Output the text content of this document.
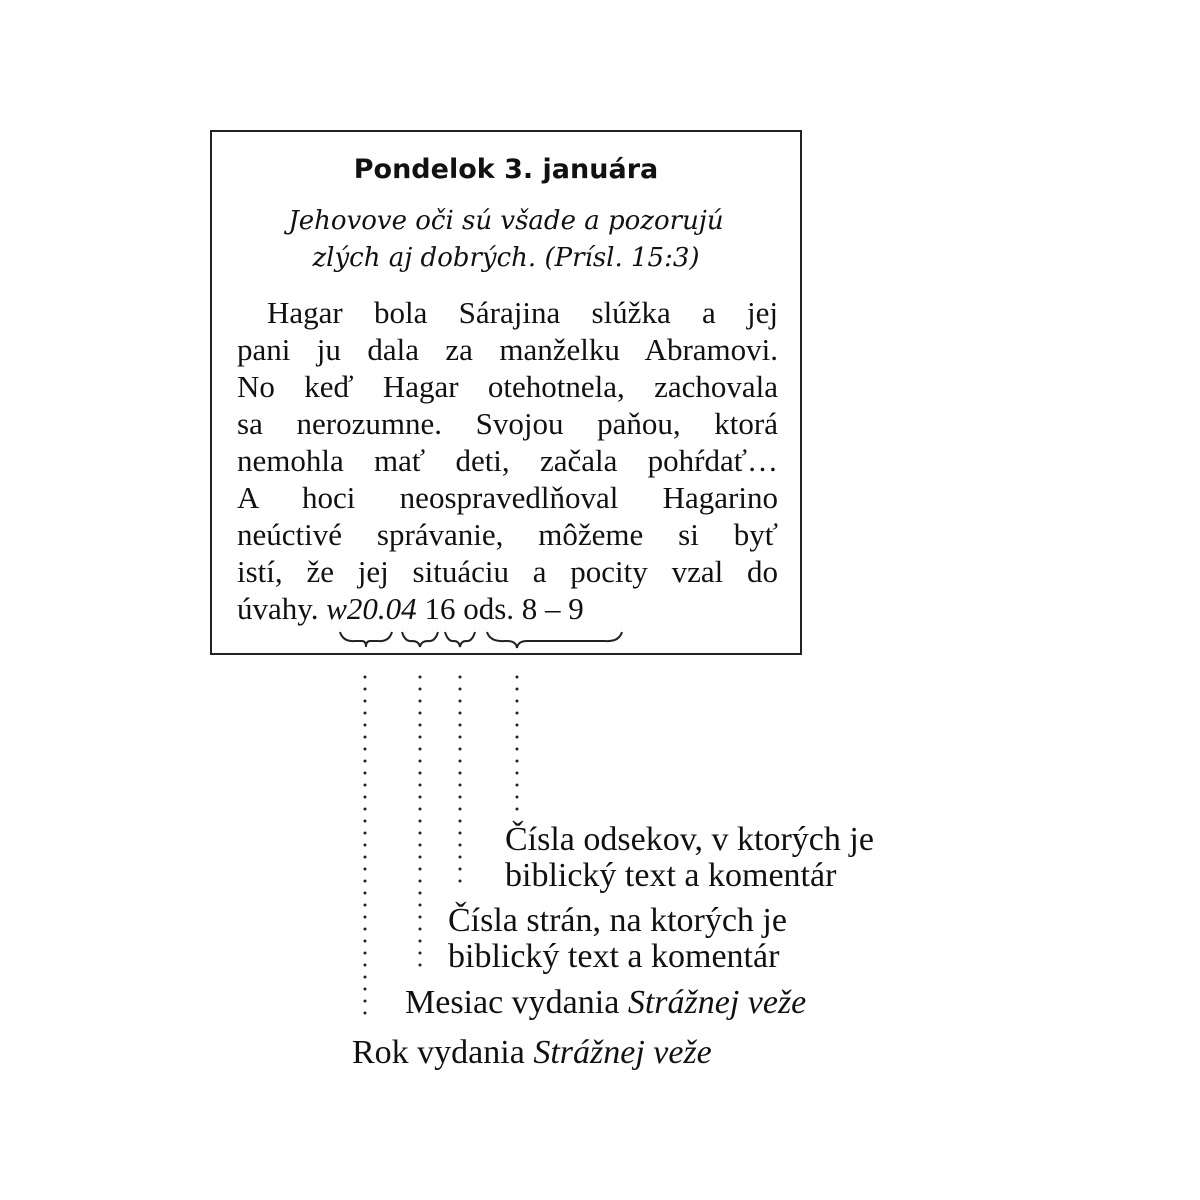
Pondelok 3. januára
Jehovove oči sú všade a pozorujú
zlých aj dobrých. (Prísl. 15:3)
Hagar bola Sárajina slúžka a jej
pani ju dala za manželku Abramovi.
No keď Hagar otehotnela, zachovala
sa nerozumne. Svojou paňou, ktorá
nemohla mať deti, začala pohŕdať…
A hoci neospravedlňoval Hagarino
neúctivé správanie, môžeme si byť
istí, že jej situáciu a pocity vzal do
úvahy. w20.04 16 ods. 8 – 9
Čísla odsekov, v ktorých je
biblický text a komentár
Čísla strán, na ktorých je
biblický text a komentár
Mesiac vydania Strážnej veže
Rok vydania Strážnej veže
